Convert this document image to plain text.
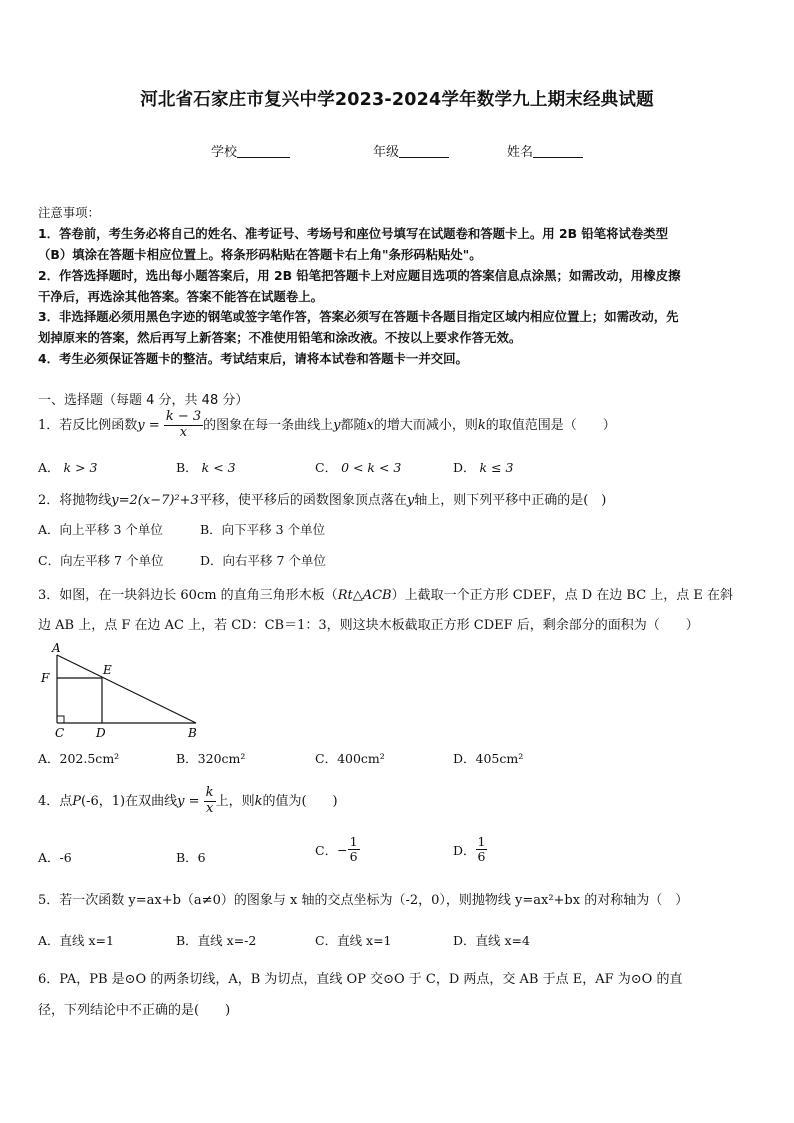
河北省石家庄市复兴中学2023-2024学年数学九上期末经典试题
学校	年级	姓名
注意事项：
1．答卷前，考生务必将自己的姓名、准考证号、考场号和座位号填写在试题卷和答题卡上。用 2B 铅笔将试卷类型
（B）填涂在答题卡相应位置上。将条形码粘贴在答题卡右上角"条形码粘贴处"。
2．作答选择题时，选出每小题答案后，用 2B 铅笔把答题卡上对应题目选项的答案信息点涂黑；如需改动，用橡皮擦
干净后，再选涂其他答案。答案不能答在试题卷上。
3．非选择题必须用黑色字迹的钢笔或签字笔作答，答案必须写在答题卡各题目指定区域内相应位置上；如需改动，先
划掉原来的答案，然后再写上新答案；不准使用铅笔和涂改液。不按以上要求作答无效。
4．考生必须保证答题卡的整洁。考试结束后，请将本试卷和答题卡一并交回。
一、选择题（每题 4 分，共 48 分）
1．若反比例函数$y = \frac{k - 3}{x}$ 的图象在每一条曲线上y都随x的增大而减小，则k的取值范围是（　　）
A． k > 3	B． k < 3	C． 0 < k < 3	D． k ≤ 3
2．将抛物线y=2(x−7)²+3平移，使平移后的函数图象顶点落在y轴上，则下列平移中正确的是(　)
A．向上平移 3 个单位	B．向下平移 3 个单位
C．向左平移 7 个单位	D．向右平移 7 个单位
3．如图，在一块斜边长 60cm 的直角三角形木板（Rt△ACB）上截取一个正方形 CDEF，点 D 在边 BC 上，点 E 在斜
边 AB 上，点 F 在边 AC 上，若 CD：CB＝1：3，则这块木板截取正方形 CDEF 后，剩余部分的面积为（　　）
A
F
E
C	D	B
A．202.5cm²	B．320cm²	C．400cm²	D．405cm²
4．点P(-6，1)在双曲线$y = \frac{k}{x}$ 上，则k的值为(　　)
A．-6	B．6	C．− $\frac{1}{6}$	D． $\frac{1}{6}$
5．若一次函数 y=ax+b（a≠0）的图象与 x 轴的交点坐标为（-2，0），则抛物线 y=ax²+bx 的对称轴为（　）
A．直线 x=1	B．直线 x=-2	C．直线 x=1	D．直线 x=4
6．PA，PB 是⊙O 的两条切线，A，B 为切点，直线 OP 交⊙O 于 C，D 两点，交 AB 于点 E，AF 为⊙O 的直
径，下列结论中不正确的是(　　)
